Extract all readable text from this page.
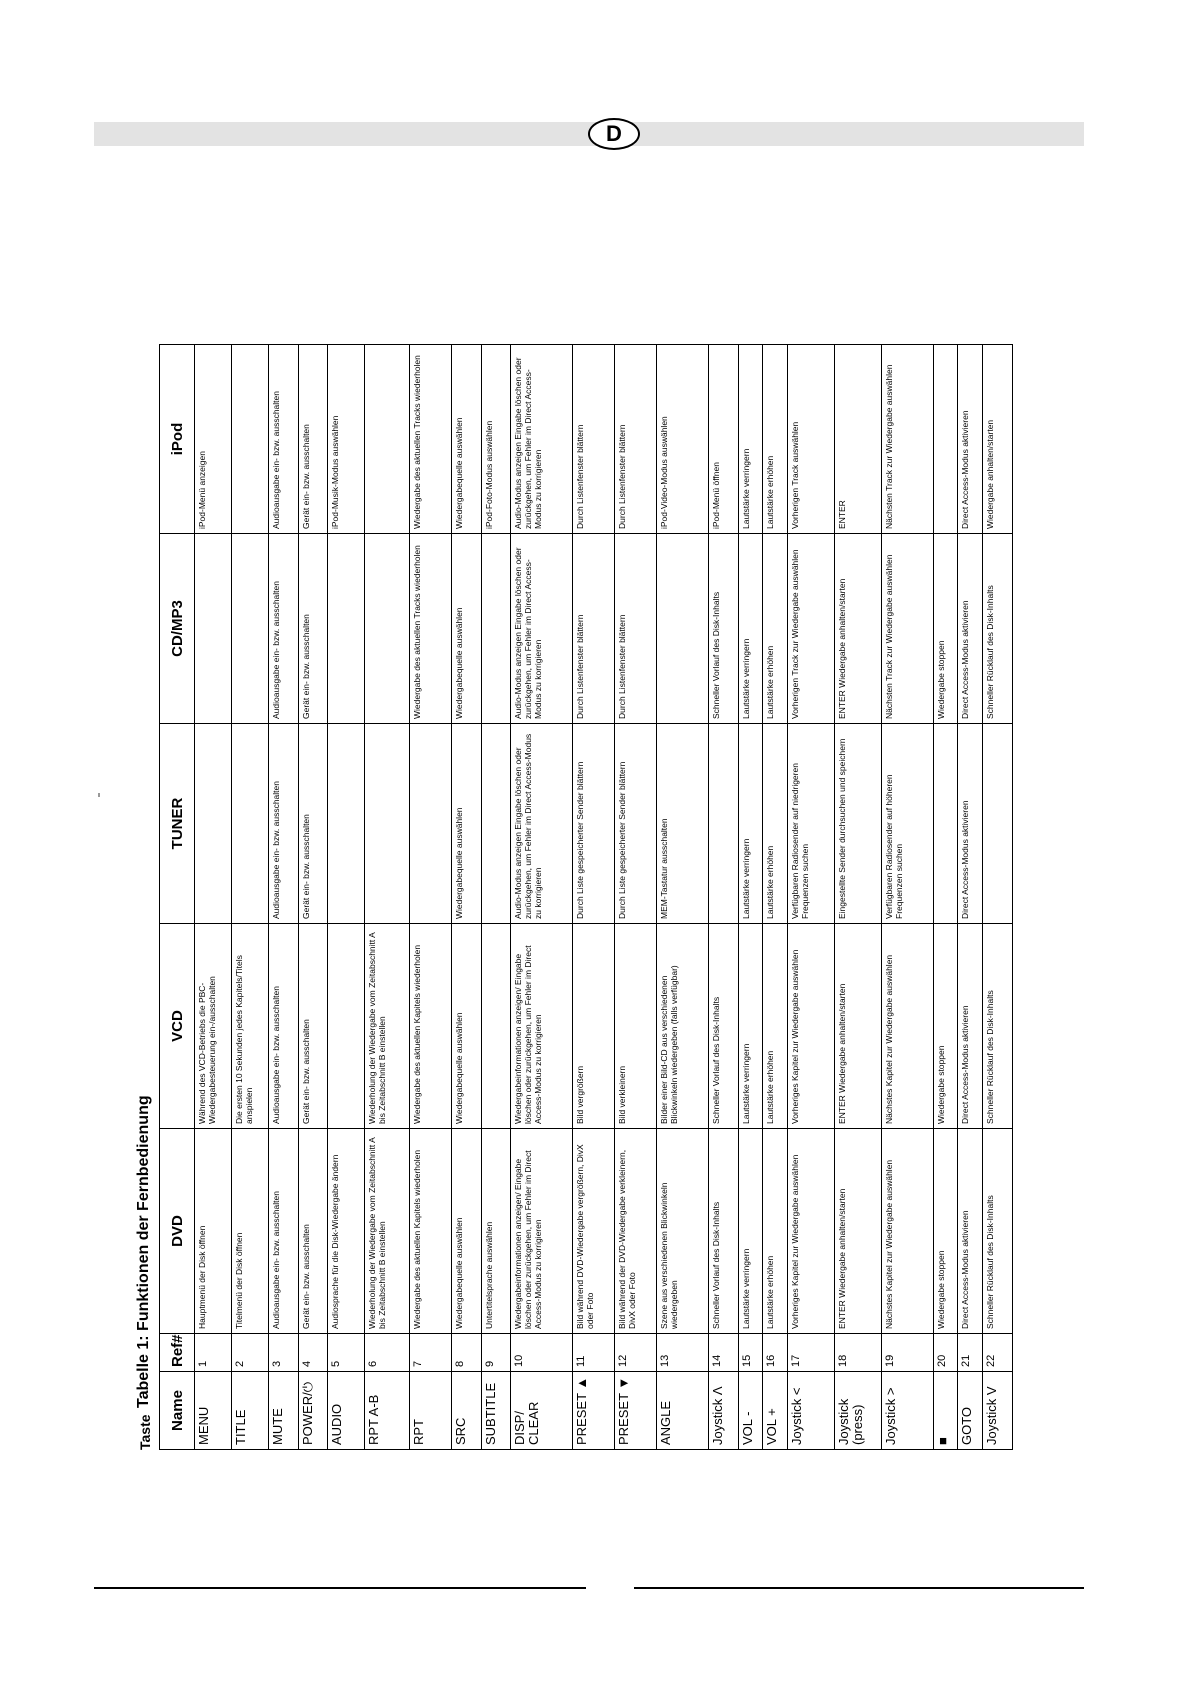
D
Taste
Tabelle 1: Funktionen der Fernbedienung
Name	Ref#	DVD	VCD	TUNER	CD/MP3	iPod
MENU	1	Hauptmenü der Disk öffnen	Während des VCD-Betriebs die PBC-Wiedergabesteuerung ein-/ausschalten			iPod-Menü anzeigen
TITLE	2	Titelmenü der Disk öffnen	Die ersten 10 Sekunden jedes Kapitels/Titels anspielen			
MUTE	3	Audioausgabe ein- bzw. ausschalten	Audioausgabe ein- bzw. ausschalten	Audioausgabe ein- bzw. ausschalten	Audioausgabe ein- bzw. ausschalten	Audioausgabe ein- bzw. ausschalten
POWER/⏻	4	Gerät ein- bzw. ausschalten	Gerät ein- bzw. ausschalten	Gerät ein- bzw. ausschalten	Gerät ein- bzw. ausschalten	Gerät ein- bzw. ausschalten
AUDIO	5	Audiosprache für die Disk-Wiedergabe ändern				iPod-Musik-Modus auswählen
RPT A-B	6	Wiederholung der Wiedergabe vom Zeitabschnitt A bis Zeitabschnitt B einstellen	Wiederholung der Wiedergabe vom Zeitabschnitt A bis Zeitabschnitt B einstellen			
RPT	7	Wiedergabe des aktuellen Kapitels wiederholen	Wiedergabe des aktuellen Kapitels wiederholen		Wiedergabe des aktuellen Tracks wiederholen	Wiedergabe des aktuellen Tracks wiederholen
SRC	8	Wiedergabequelle auswählen	Wiedergabequelle auswählen	Wiedergabequelle auswählen	Wiedergabequelle auswählen	Wiedergabequelle auswählen
SUBTITLE	9	Untertitelsprache auswählen				iPod-Foto-Modus auswählen
DISP/ CLEAR	10	Wiedergabeinformationen anzeigen/ Eingabe löschen oder zurückgehen, um Fehler im Direct Access-Modus zu korrigieren	Wiedergabeinformationen anzeigen/ Eingabe löschen oder zurückgehen, um Fehler im Direct Access-Modus zu korrigieren	Audio-Modus anzeigen Eingabe löschen oder zurückgehen, um Fehler im Direct Access-Modus zu korrigieren	Audio-Modus anzeigen Eingabe löschen oder zurückgehen, um Fehler im Direct Access-Modus zu korrigieren	Audio-Modus anzeigen Eingabe löschen oder zurückgehen, um Fehler im Direct Access-Modus zu korrigieren
PRESET ▲	11	Bild während DVD-Wiedergabe vergrößern, DivX oder Foto	Bild vergrößern	Durch Liste gespeicherter Sender blättern	Durch Listenfenster blättern	Durch Listenfenster blättern
PRESET ▼	12	Bild während der DVD-Wiedergabe verkleinern, DivX oder Foto	Bild verkleinern	Durch Liste gespeicherter Sender blättern	Durch Listenfenster blättern	Durch Listenfenster blättern
ANGLE	13	Szene aus verschiedenen Blickwinkeln wiedergeben	Bilder einer Bild-CD aus verschiedenen Blickwinkeln wiedergeben (falls verfügbar)	MEM-Tastatur ausschalten		iPod-Video-Modus auswählen
Joystick Λ	14	Schneller Vorlauf des Disk-Inhalts	Schneller Vorlauf des Disk-Inhalts		Schneller Vorlauf des Disk-Inhalts	iPod-Menü öffnen
VOL -	15	Lautstärke verringern	Lautstärke verringern	Lautstärke verringern	Lautstärke verringern	Lautstärke verringern
VOL +	16	Lautstärke erhöhen	Lautstärke erhöhen	Lautstärke erhöhen	Lautstärke erhöhen	Lautstärke erhöhen
Joystick <	17	Vorheriges Kapitel zur Wiedergabe auswählen	Vorheriges Kapitel zur Wiedergabe auswählen	Verfügbaren Radiosender auf niedrigeren Frequenzen suchen	Vorherigen Track zur Wiedergabe auswählen	Vorherigen Track auswählen
Joystick (press)	18	ENTER Wiedergabe anhalten/starten	ENTER Wiedergabe anhalten/starten	Eingestellte Sender durchsuchen und speichern	ENTER Wiedergabe anhalten/starten	ENTER
Joystick >	19	Nächstes Kapitel zur Wiedergabe auswählen	Nächstes Kapitel zur Wiedergabe auswählen	Verfügbaren Radiosender auf höheren Frequenzen suchen	Nächsten Track zur Wiedergabe auswählen	Nächsten Track zur Wiedergabe auswählen
■	20	Wiedergabe stoppen	Wiedergabe stoppen		Wiedergabe stoppen	
GOTO	21	Direct Access-Modus aktivieren	Direct Access-Modus aktivieren	Direct Access-Modus aktivieren	Direct Access-Modus aktivieren	Direct Access-Modus aktivieren
Joystick V	22	Schneller Rücklauf des Disk-Inhalts	Schneller Rücklauf des Disk-Inhalts		Schneller Rücklauf des Disk-Inhalts	Wiedergabe anhalten/starten
